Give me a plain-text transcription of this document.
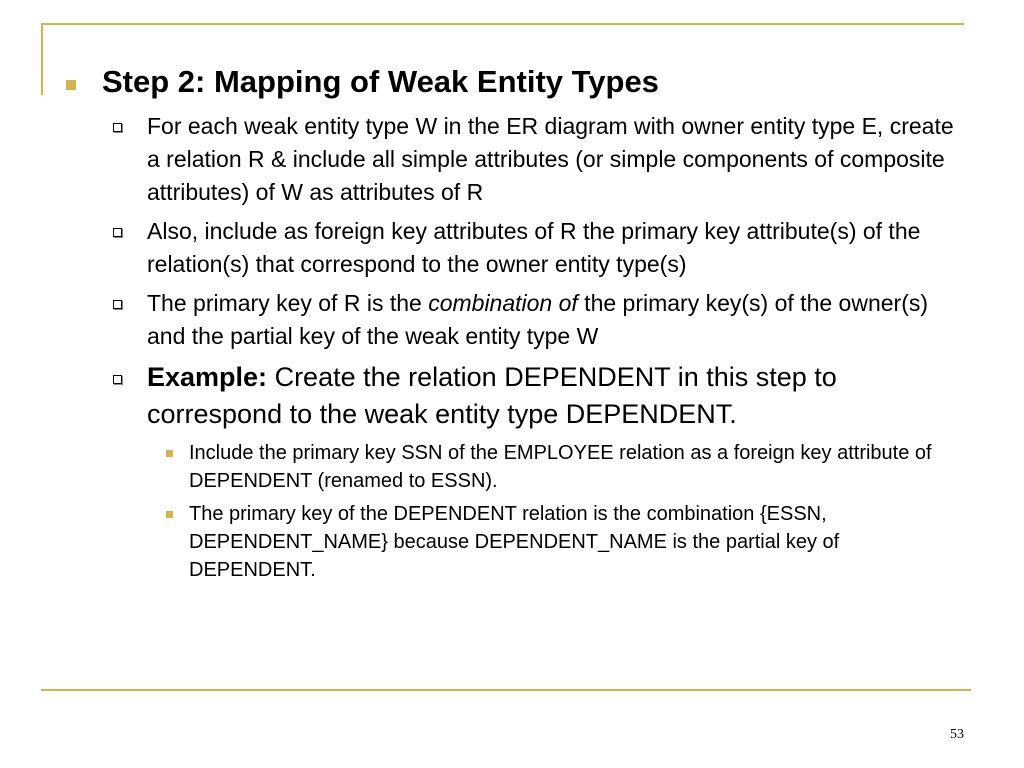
Step 2: Mapping of Weak Entity Types
For each weak entity type W in the ER diagram with owner entity type E, create a relation R & include all simple attributes (or simple components of composite attributes) of W as attributes of R
Also, include as foreign key attributes of R the primary key attribute(s) of the relation(s) that correspond to the owner entity type(s)
The primary key of R is the combination of the primary key(s) of the owner(s) and the partial key of the weak entity type W
Example: Create the relation DEPENDENT in this step to correspond to the weak entity type DEPENDENT.
Include the primary key SSN of the EMPLOYEE relation as a foreign key attribute of DEPENDENT (renamed to ESSN).
The primary key of the DEPENDENT relation is the combination {ESSN, DEPENDENT_NAME} because DEPENDENT_NAME is the partial key of DEPENDENT.
53
